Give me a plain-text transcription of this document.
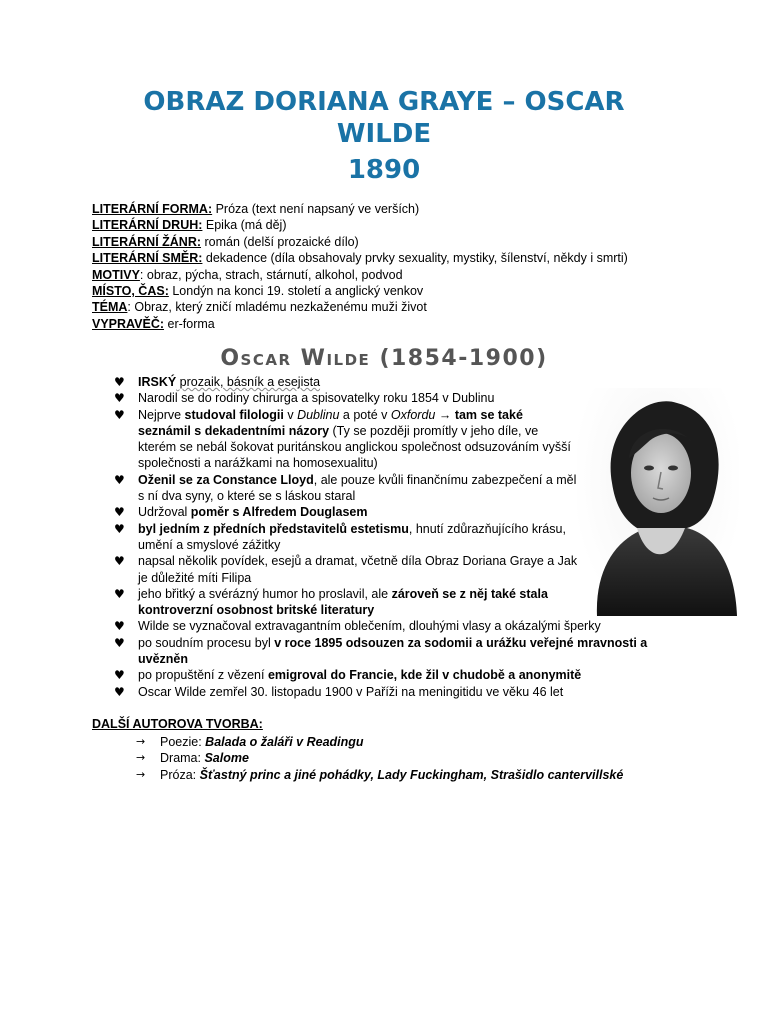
OBRAZ DORIANA GRAYE – OSCAR WILDE
1890
LITERÁRNÍ FORMA: Próza (text není napsaný ve verších)
LITERÁRNÍ DRUH: Epika (má děj)
LITERÁRNÍ ŽÁNR: román (delší prozaické dílo)
LITERÁRNÍ SMĚR: dekadence (díla obsahovaly prvky sexuality, mystiky, šílenství, někdy i smrti)
MOTIVY: obraz, pýcha, strach, stárnutí, alkohol, podvod
MÍSTO, ČAS: Londýn na konci 19. století a anglický venkov
TÉMA: Obraz, který zničí mladému nezkaženému muži život
VYPRAVĚČ: er-forma
Oscar Wilde (1854-1900)
♥ IRSKÝ prozaik, básník a esejista
♥ Narodil se do rodiny chirurga a spisovatelky roku 1854 v Dublinu
♥ Nejprve studoval filologii v Dublinu a poté v Oxfordu → tam se také seznámil s dekadentními názory (Ty se později promítly v jeho díle, ve kterém se nebál šokovat puritánskou anglickou společnost odsuzováním vyšší společnosti a narážkami na homosexualitu)
♥ Oženil se za Constance Lloyd, ale pouze kvůli finančnímu zabezpečení a měl s ní dva syny, o které se s láskou staral
♥ Udržoval poměr s Alfredem Douglasem
♥ byl jedním z předních představitelů estetismu, hnutí zdůrazňujícího krásu, umění a smyslové zážitky
♥ napsal několik povídek, esejů a dramat, včetně díla Obraz Doriana Graye a Jak je důležité míti Filipa
♥ jeho břitký a svérázný humor ho proslavil, ale zároveň se z něj také stala kontroverzní osobnost britské literatury
♥ Wilde se vyznačoval extravagantním oblečením, dlouhými vlasy a okázalými šperky
♥ po soudním procesu byl v roce 1895 odsouzen za sodomii a urážku veřejné mravnosti a uvězněn
♥ po propuštění z vězení emigroval do Francie, kde žil v chudobě a anonymitě
♥ Oscar Wilde zemřel 30. listopadu 1900 v Paříži na meningitidu ve věku 46 let
DALŠÍ AUTOROVA TVORBA:
→ Poezie: Balada o žaláři v Readingu
→ Drama: Salome
→ Próza: Šťastný princ a jiné pohádky, Lady Fuckingham, Strašidlo cantervillské
